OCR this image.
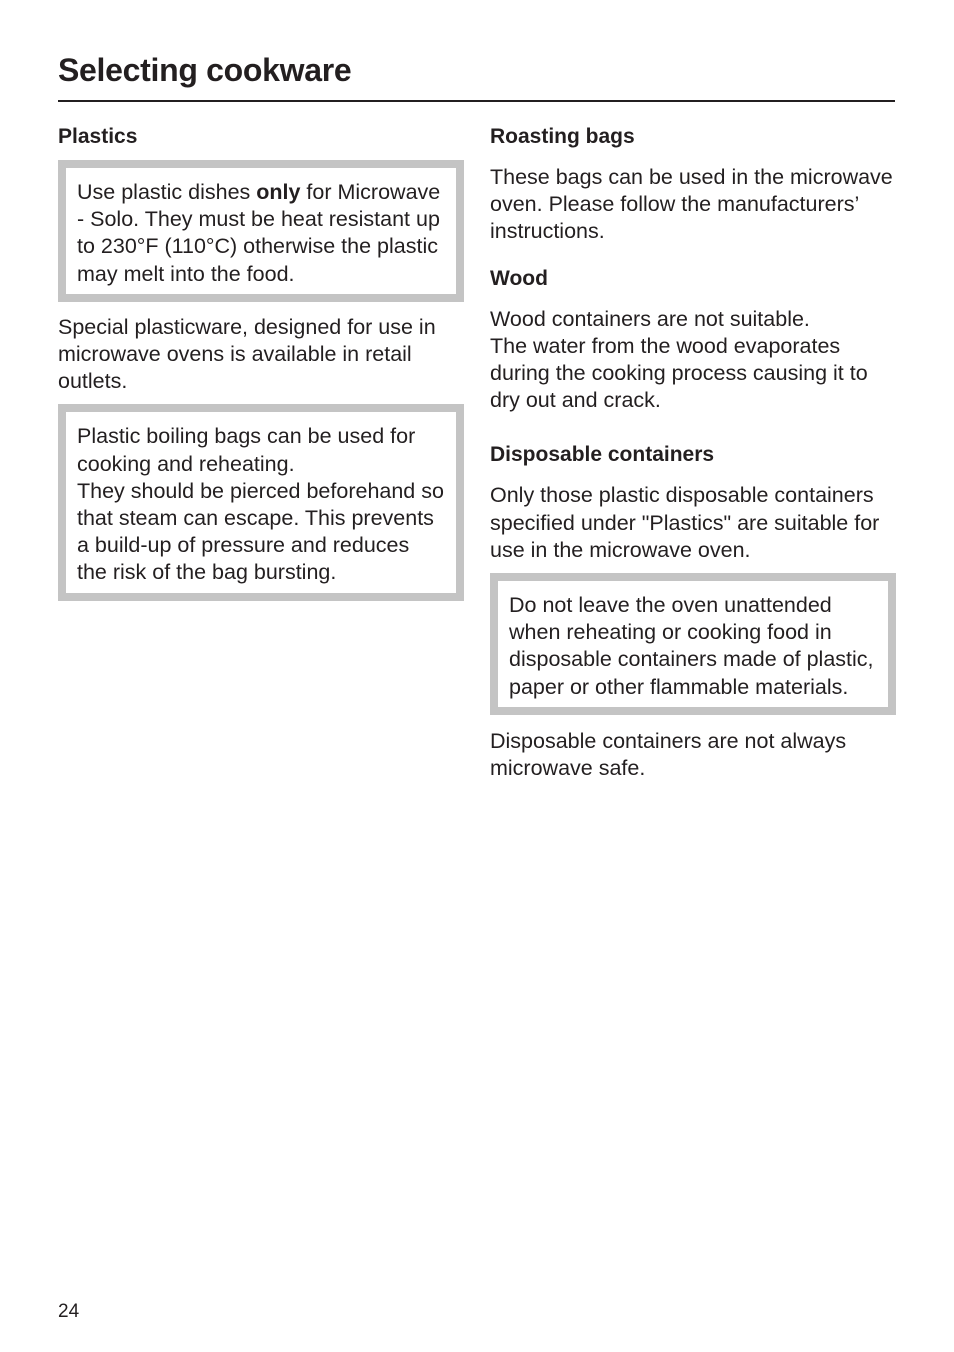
Selecting cookware
Plastics

Use plastic dishes only for Microwave - Solo. They must be heat resistant up to 230°F (110°C) otherwise the plastic may melt into the food.

Special plasticware, designed for use in microwave ovens is available in retail outlets.

Plastic boiling bags can be used for cooking and reheating.

They should be pierced beforehand so that steam can escape. This prevents a build-up of pressure and reduces the risk of the bag bursting.

Roasting bags

These bags can be used in the microwave oven. Please follow the manufacturers’ instructions.

Wood

Wood containers are not suitable.

The water from the wood evaporates during the cooking process causing it to dry out and crack.

Disposable containers

Only those plastic disposable containers specified under "Plastics" are suitable for use in the microwave oven.

Do not leave the oven unattended when reheating or cooking food in disposable containers made of plastic, paper or other flammable materials.

Disposable containers are not always microwave safe.

24
